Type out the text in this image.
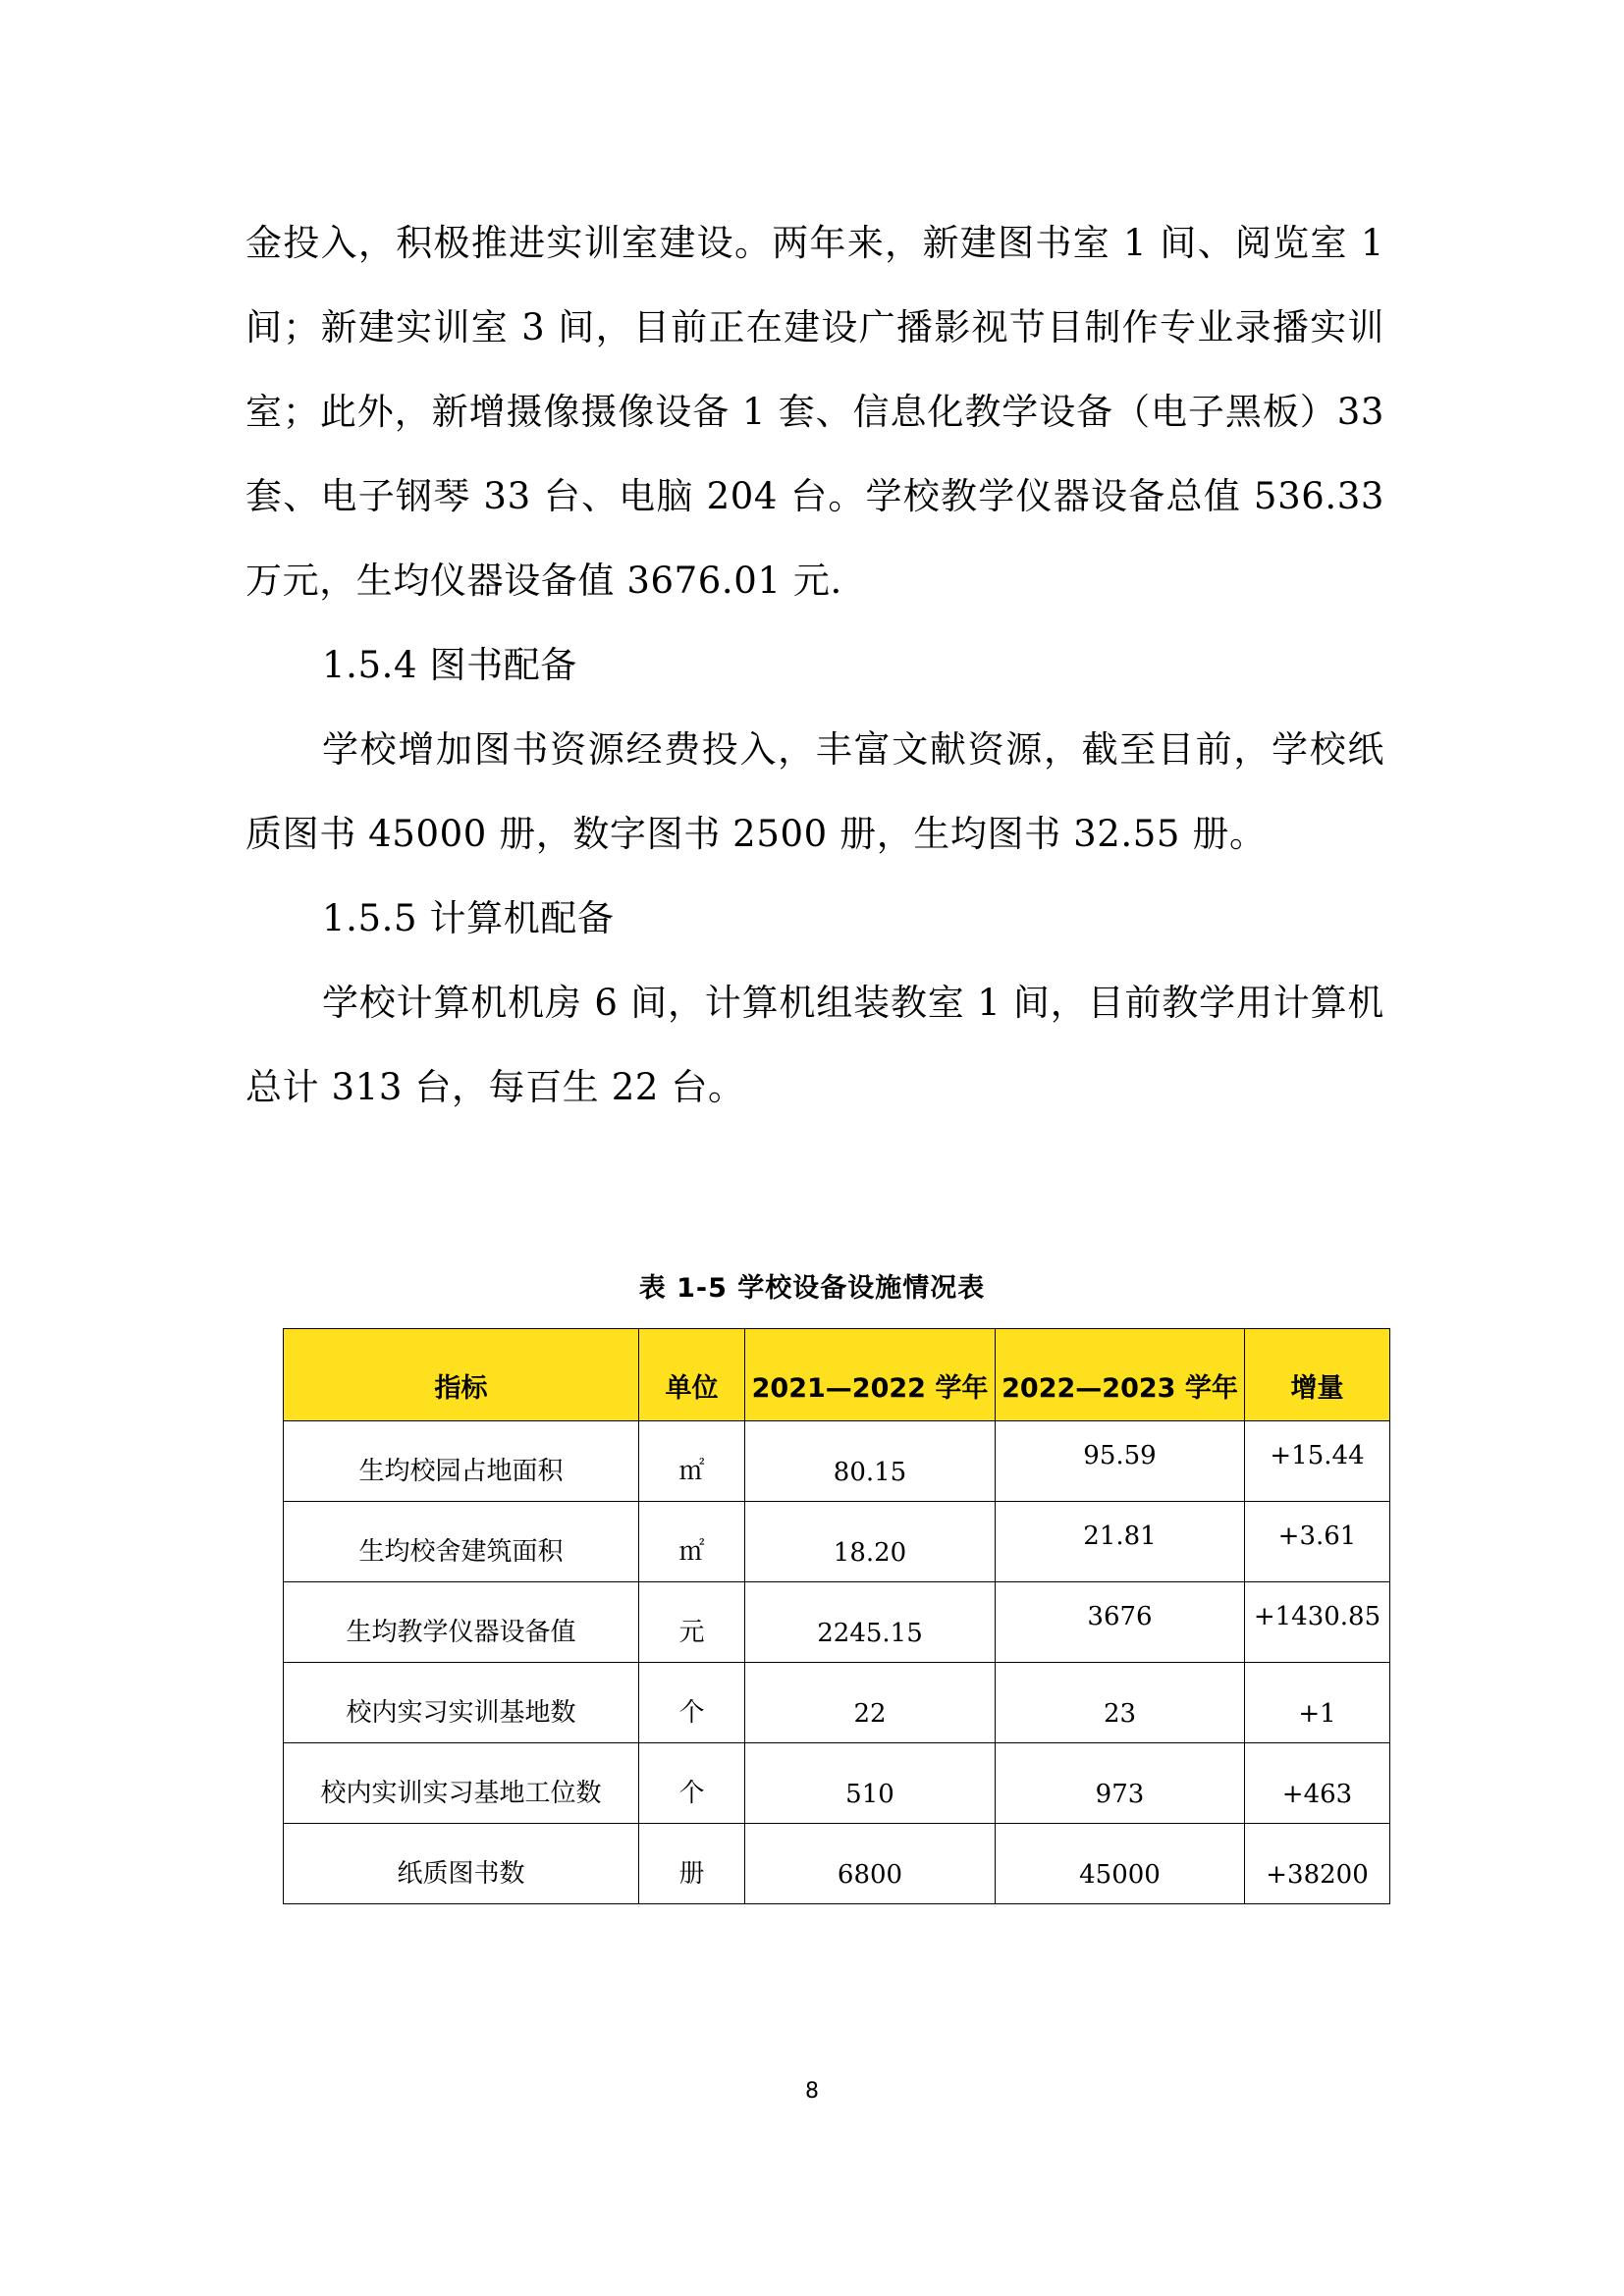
金投入，积极推进实训室建设。两年来，新建图书室 1 间、阅览室 1 间；新建实训室 3 间，目前正在建设广播影视节目制作专业录播实训室；此外，新增摄像摄像设备 1 套、信息化教学设备（电子黑板）33 套、电子钢琴 33 台、电脑 204 台。学校教学仪器设备总值 536.33 万元，生均仪器设备值 3676.01 元.

1.5.4 图书配备

学校增加图书资源经费投入，丰富文献资源，截至目前，学校纸质图书 45000 册，数字图书 2500 册，生均图书 32.55 册。

1.5.5 计算机配备

学校计算机机房 6 间，计算机组装教室 1 间，目前教学用计算机总计 313 台，每百生 22 台。

表 1-5 学校设备设施情况表
指标	单位	2021—2022 学年	2022—2023 学年	增量
生均校园占地面积	㎡	80.15	95.59	+15.44
生均校舍建筑面积	㎡	18.20	21.81	+3.61
生均教学仪器设备值	元	2245.15	3676	+1430.85
校内实习实训基地数	个	22	23	+1
校内实训实习基地工位数	个	510	973	+463
纸质图书数	册	6800	45000	+38200
8
